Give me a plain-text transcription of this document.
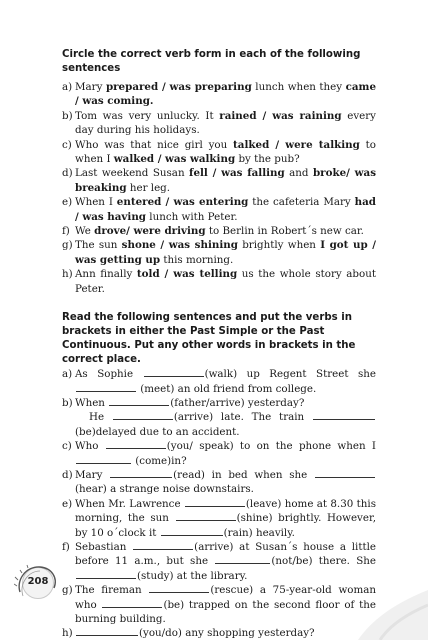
Circle the correct verb form in each of the following sentences

a) Mary prepared / was preparing lunch when they came / was coming.
b) Tom was very unlucky. It rained / was raining every day during his holidays.
c) Who was that nice girl you talked / were talking to when I walked / was walking by the pub?
d) Last weekend Susan fell / was falling and broke/ was breaking her leg.
e) When I entered / was entering the cafeteria Mary had / was having lunch with Peter.
f) We drove/ were driving to Berlin in Robert΄s new car.
g) The sun shone / was shining brightly when I got up / was getting up this morning.
h) Ann finally told / was telling us the whole story about Peter.

Read the following sentences and put the verbs in brackets in either the Past Simple or the Past Continuous. Put any other words in brackets in the correct place.

a) As Sophie	(walk) up Regent Street she  (meet) an old friend from college.
b) When	(father/arrive) yesterday?
He	(arrive) late. The train (be)delayed due to an accident.
c) Who	(you/ speak) to on the phone when I  (come)in?
d) Mary	(read) in bed when she (hear) a strange noise downstairs.
e) When Mr. Lawrence	(leave) home at 8.30 this morning, the sun	(shine) brightly. However, by 10 o΄clock it	(rain) heavily.
f) Sebastian	(arrive) at Susan΄s house a little before 11 a.m., but she	(not/be) there. She (study) at the library.
g) The fireman	(rescue) a 75-year-old woman who	(be) trapped on the second floor of the burning building.
h)	(you/do) any shopping yesterday?
208
